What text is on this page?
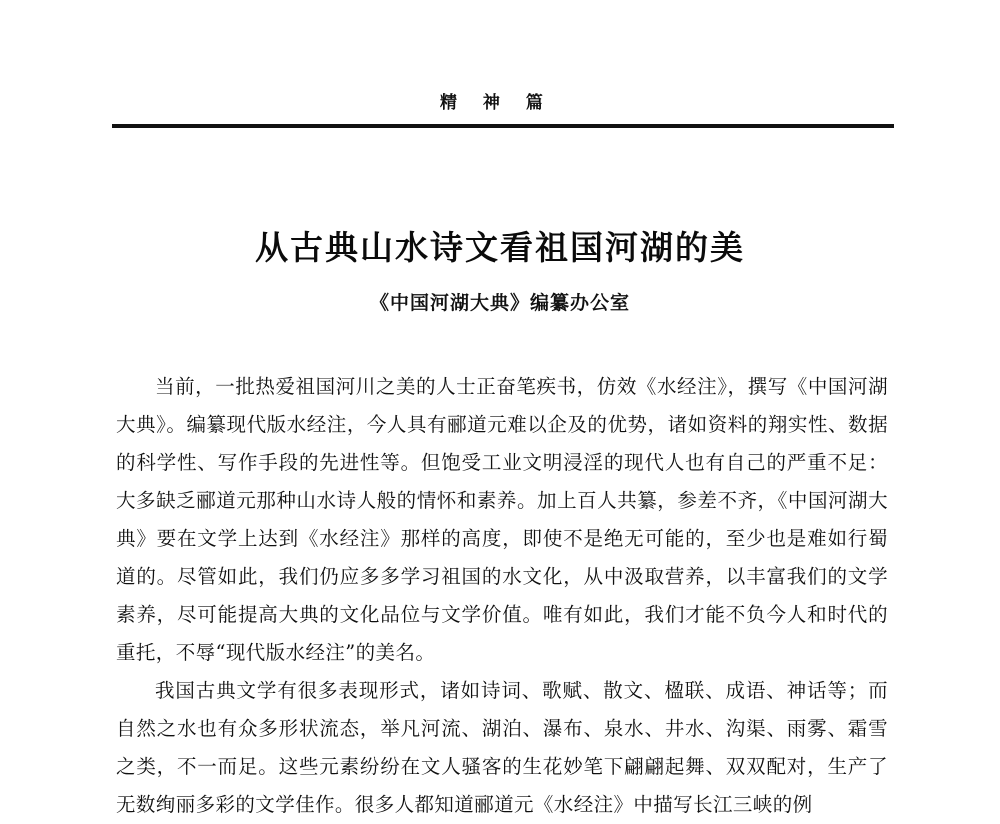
精 神 篇
从古典山水诗文看祖国河湖的美
《中国河湖大典》编纂办公室

当前，一批热爱祖国河川之美的人士正奋笔疾书，仿效《水经注》，撰写《中国河湖大典》。编纂现代版水经注，今人具有郦道元难以企及的优势，诸如资料的翔实性、数据的科学性、写作手段的先进性等。但饱受工业文明浸淫的现代人也有自己的严重不足：大多缺乏郦道元那种山水诗人般的情怀和素养。加上百人共纂，参差不齐，《中国河湖大典》要在文学上达到《水经注》那样的高度，即使不是绝无可能的，至少也是难如行蜀道的。尽管如此，我们仍应多多学习祖国的水文化，从中汲取营养，以丰富我们的文学素养，尽可能提高大典的文化品位与文学价值。唯有如此，我们才能不负今人和时代的重托，不辱“现代版水经注”的美名。

我国古典文学有很多表现形式，诸如诗词、歌赋、散文、楹联、成语、神话等；而自然之水也有众多形状流态，举凡河流、湖泊、瀑布、泉水、井水、沟渠、雨雾、霜雪之类，不一而足。这些元素纷纷在文人骚客的生花妙笔下翩翩起舞、双双配对，生产了无数绚丽多彩的文学佳作。很多人都知道郦道元《水经注》中描写长江三峡的例
